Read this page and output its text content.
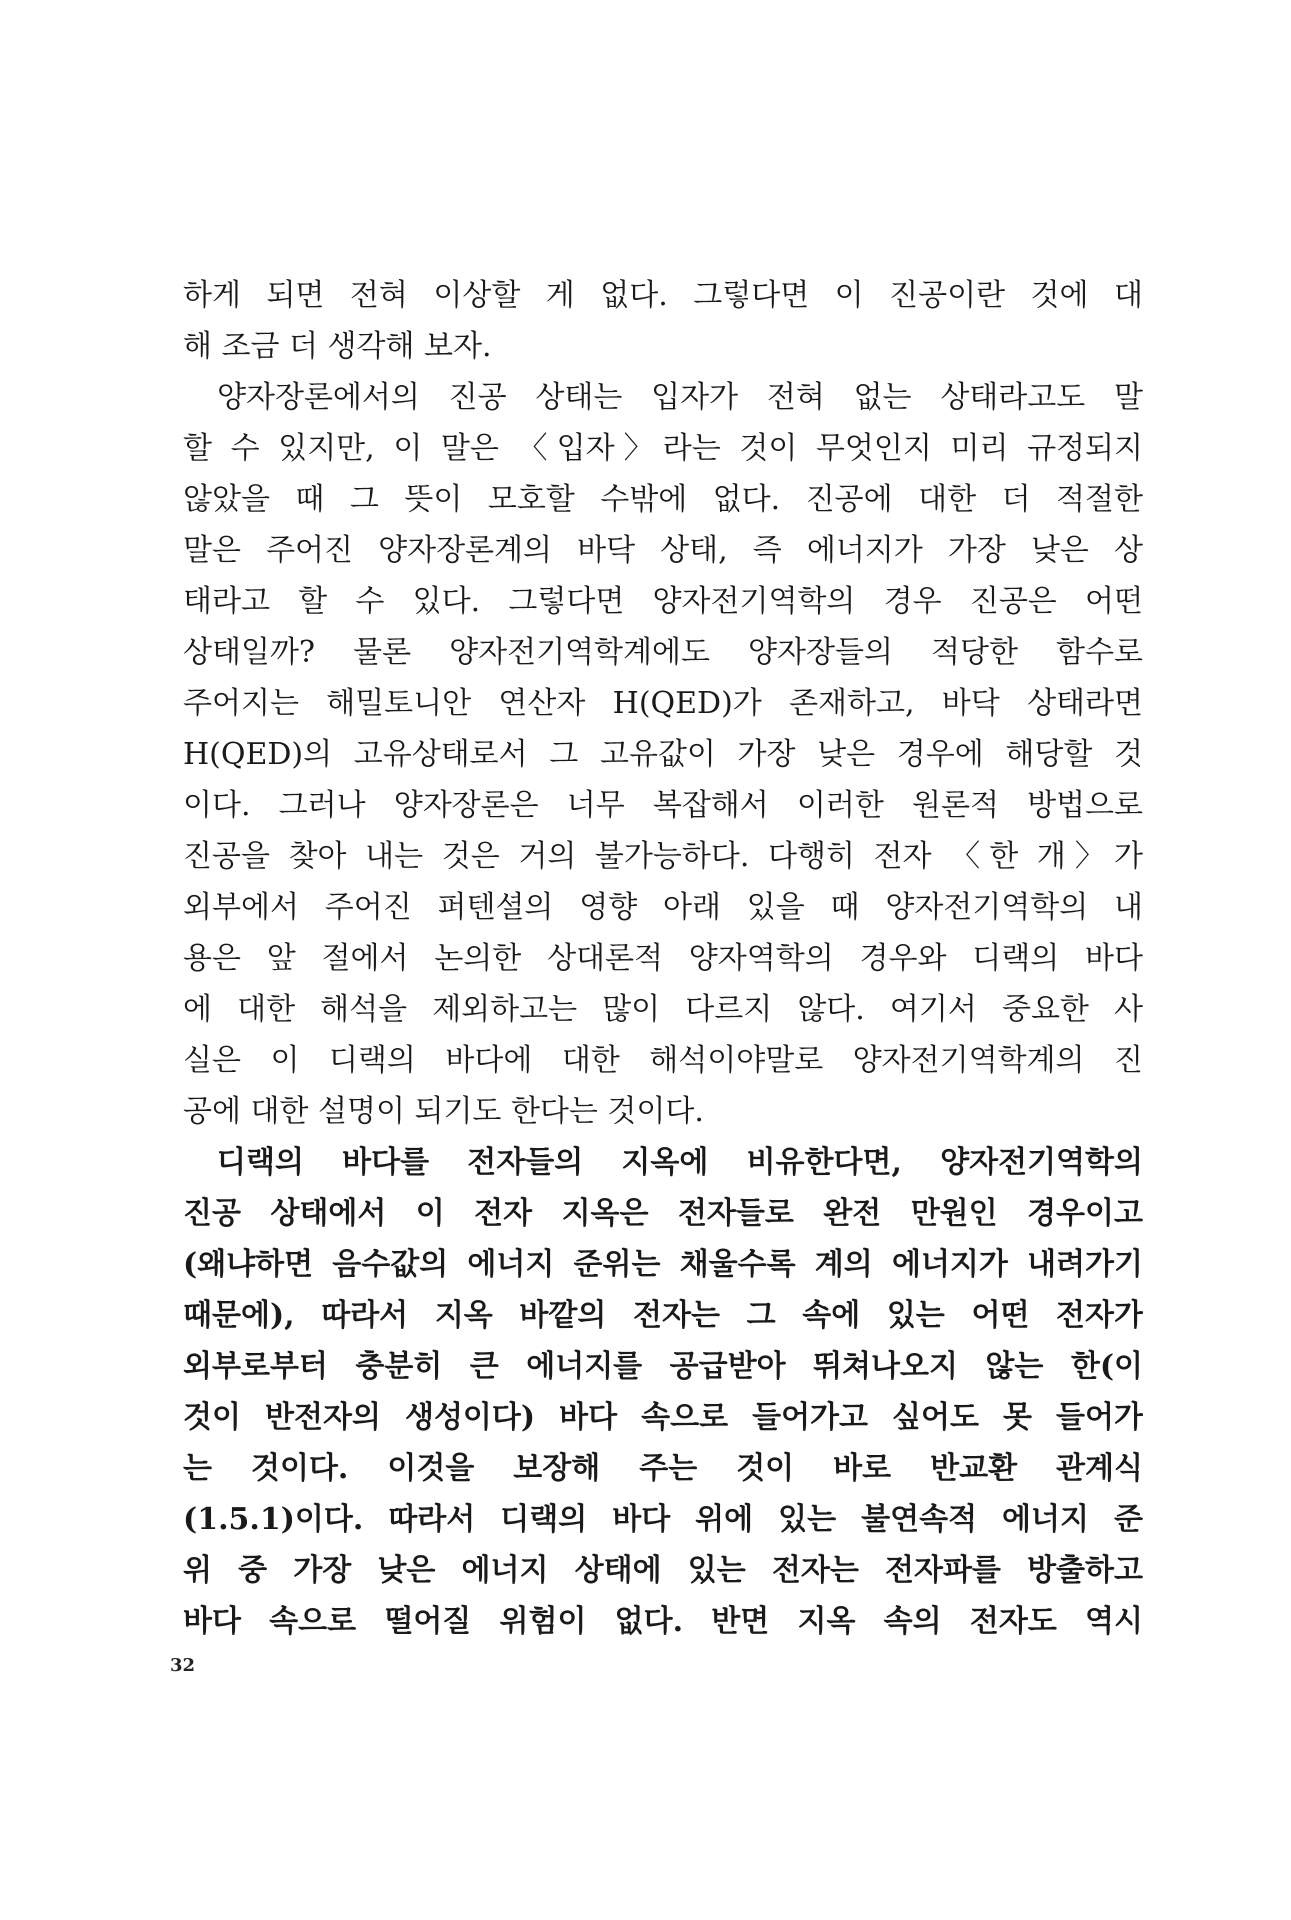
하게 되면 전혀 이상할 게 없다. 그렇다면 이 진공이란 것에 대
해 조금 더 생각해 보자.
양자장론에서의 진공 상태는 입자가 전혀 없는 상태라고도 말
할 수 있지만, 이 말은 〈입자〉라는 것이 무엇인지 미리 규정되지
않았을 때 그 뜻이 모호할 수밖에 없다. 진공에 대한 더 적절한
말은 주어진 양자장론계의 바닥 상태, 즉 에너지가 가장 낮은 상
태라고 할 수 있다. 그렇다면 양자전기역학의 경우 진공은 어떤
상태일까? 물론 양자전기역학계에도 양자장들의 적당한 함수로
주어지는 해밀토니안 연산자 H(QED)가 존재하고, 바닥 상태라면
H(QED)의 고유상태로서 그 고유값이 가장 낮은 경우에 해당할 것
이다. 그러나 양자장론은 너무 복잡해서 이러한 원론적 방법으로
진공을 찾아 내는 것은 거의 불가능하다. 다행히 전자 〈한 개〉가
외부에서 주어진 퍼텐셜의 영향 아래 있을 때 양자전기역학의 내
용은 앞 절에서 논의한 상대론적 양자역학의 경우와 디랙의 바다
에 대한 해석을 제외하고는 많이 다르지 않다. 여기서 중요한 사
실은 이 디랙의 바다에 대한 해석이야말로 양자전기역학계의 진
공에 대한 설명이 되기도 한다는 것이다.
디랙의 바다를 전자들의 지옥에 비유한다면, 양자전기역학의
진공 상태에서 이 전자 지옥은 전자들로 완전 만원인 경우이고
(왜냐하면 음수값의 에너지 준위는 채울수록 계의 에너지가 내려가기
때문에), 따라서 지옥 바깥의 전자는 그 속에 있는 어떤 전자가
외부로부터 충분히 큰 에너지를 공급받아 뛰쳐나오지 않는 한(이
것이 반전자의 생성이다) 바다 속으로 들어가고 싶어도 못 들어가
는 것이다. 이것을 보장해 주는 것이 바로 반교환 관계식
(1.5.1)이다. 따라서 디랙의 바다 위에 있는 불연속적 에너지 준
위 중 가장 낮은 에너지 상태에 있는 전자는 전자파를 방출하고
바다 속으로 떨어질 위험이 없다. 반면 지옥 속의 전자도 역시
32
